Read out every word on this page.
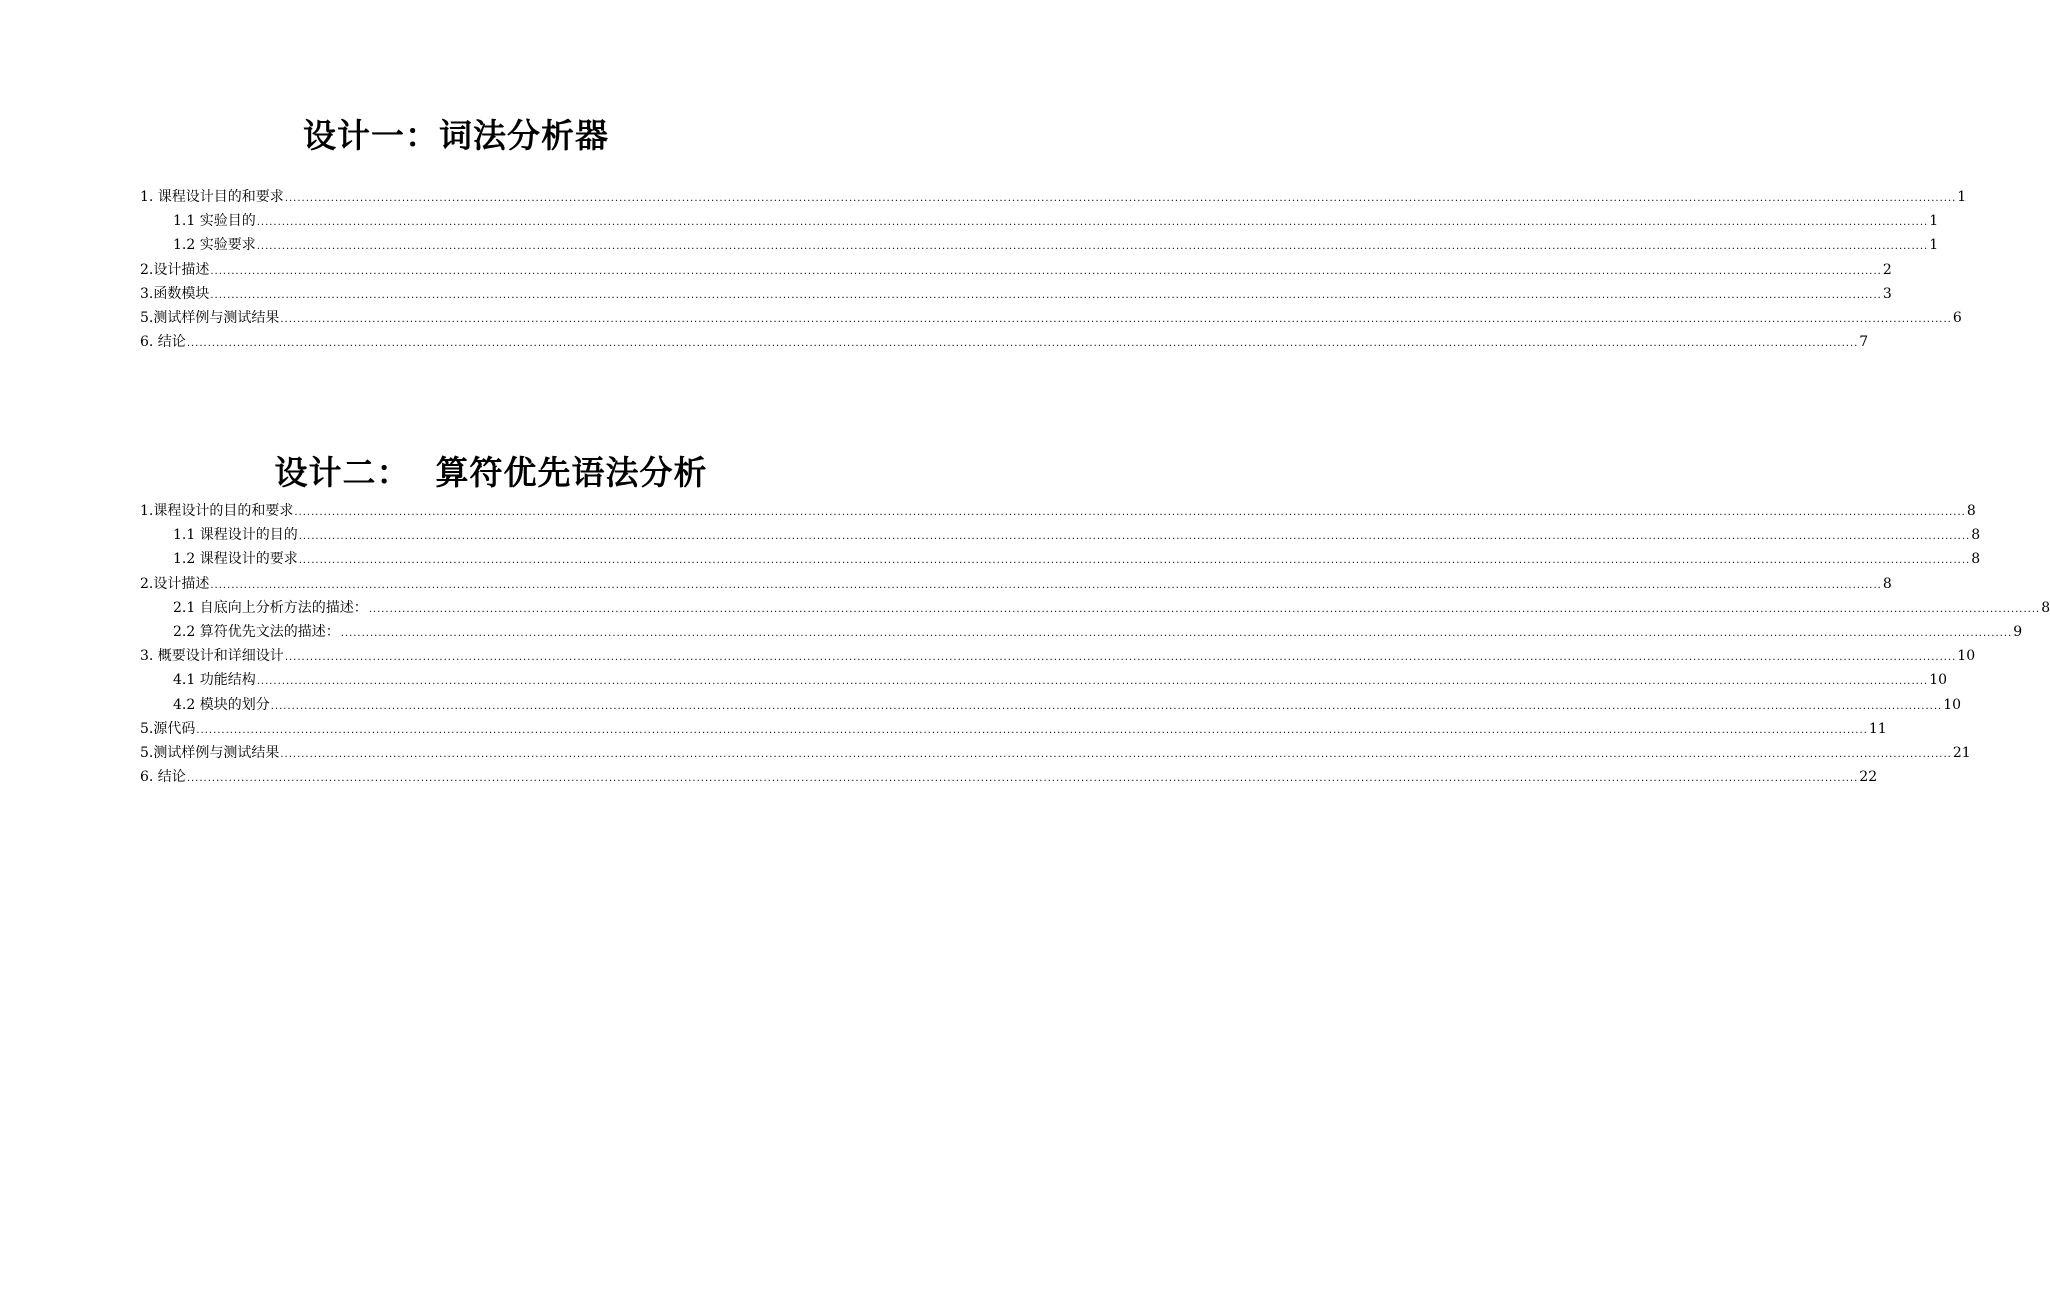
www.zixin.com.cn
设计一：词法分析器
1. 课程设计目的和要求 ................................................................................................................................................................................................................................................................................................................................................................................................................ 1
1.1 实验目的 ................................................................................................................................................................................................................................................................................................................................................................................................................ 1
1.2 实验要求 ................................................................................................................................................................................................................................................................................................................................................................................................................ 1
2.设计描述 ................................................................................................................................................................................................................................................................................................................................................................................................................ 2
3.函数模块 ................................................................................................................................................................................................................................................................................................................................................................................................................ 3
5.测试样例与测试结果 ................................................................................................................................................................................................................................................................................................................................................................................................................ 6
6. 结论 ................................................................................................................................................................................................................................................................................................................................................................................................................ 7
设计二：  算符优先语法分析
1.课程设计的目的和要求 ................................................................................................................................................................................................................................................................................................................................................................................................................ 8
1.1 课程设计的目的 ................................................................................................................................................................................................................................................................................................................................................................................................................ 8
1.2 课程设计的要求 ................................................................................................................................................................................................................................................................................................................................................................................................................ 8
2.设计描述 ................................................................................................................................................................................................................................................................................................................................................................................................................ 8
2.1 自底向上分析方法的描述： ................................................................................................................................................................................................................................................................................................................................................................................................................ 8
2.2 算符优先文法的描述： ................................................................................................................................................................................................................................................................................................................................................................................................................ 9
3. 概要设计和详细设计 ................................................................................................................................................................................................................................................................................................................................................................................................................ 10
4.1 功能结构 ................................................................................................................................................................................................................................................................................................................................................................................................................ 10
4.2 模块的划分 ................................................................................................................................................................................................................................................................................................................................................................................................................ 10
5.源代码 ................................................................................................................................................................................................................................................................................................................................................................................................................ 11
5.测试样例与测试结果 ................................................................................................................................................................................................................................................................................................................................................................................................................ 21
6. 结论 ................................................................................................................................................................................................................................................................................................................................................................................................................ 22
